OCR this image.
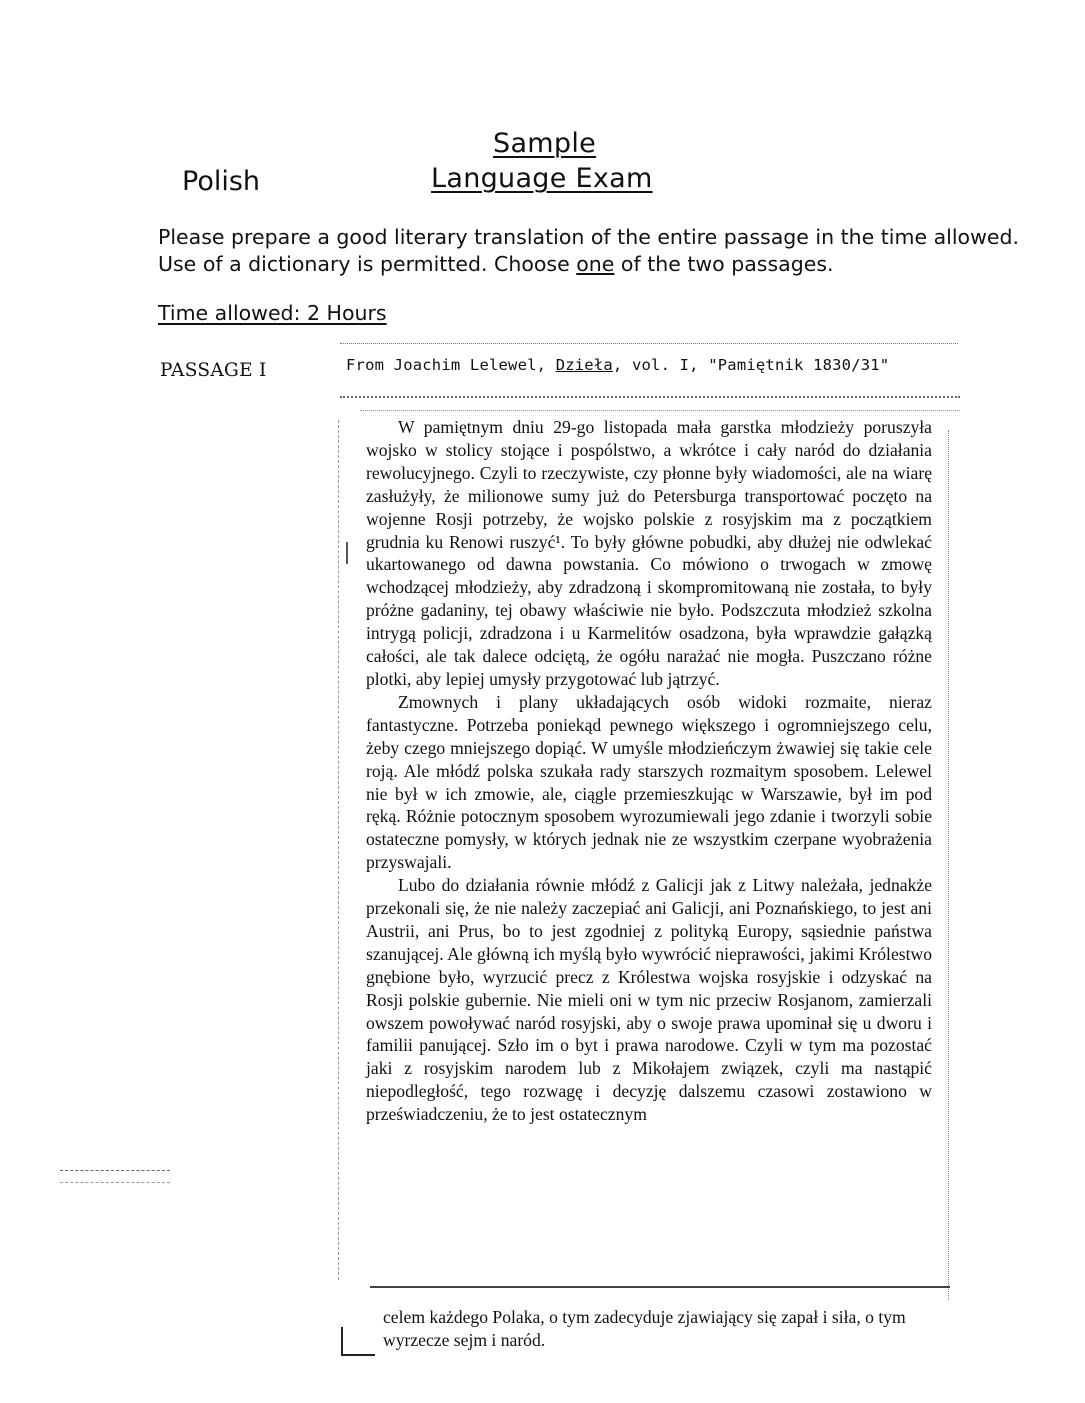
Sample
Language Exam
Polish
Please prepare a good literary translation of the entire passage in the time allowed.
Use of a dictionary is permitted. Choose one of the two passages.
Time allowed: 2 Hours
PASSAGE I	From Joachim Lelewel, Dzieła, vol. I, "Pamiętnik 1830/31"

W pamiętnym dniu 29-go listopada mała garstka młodzieży poruszyła wojsko w stolicy stojące i pospólstwo, a wkrótce i cały naród do działania rewolucyjnego. Czyli to rzeczywiste, czy płonne były wiadomości, ale na wiarę zasłużyły, że milionowe sumy już do Petersburga transportować poczęto na wojenne Rosji potrzeby, że wojsko polskie z rosyjskim ma z początkiem grudnia ku Renowi ruszyć¹. To były główne pobudki, aby dłużej nie odwlekać ukartowanego od dawna powstania. Co mówiono o trwogach w zmowę wchodzącej młodzieży, aby zdradzoną i skompromitowaną nie została, to były próżne gadaniny, tej obawy właściwie nie było. Podszczuta młodzież szkolna intrygą policji, zdradzona i u Karmelitów osadzona, była wprawdzie gałązką całości, ale tak dalece odciętą, że ogółu narażać nie mogła. Puszczano różne plotki, aby lepiej umysły przygotować lub jątrzyć.

Zmownych i plany układających osób widoki rozmaite, nieraz fantastyczne. Potrzeba poniekąd pewnego większego i ogromniejszego celu, żeby czego mniejszego dopiąć. W umyśle młodzieńczym żwawiej się takie cele roją. Ale młódź polska szukała rady starszych rozmaitym sposobem. Lelewel nie był w ich zmowie, ale, ciągle przemieszkując w Warszawie, był im pod ręką. Różnie potocznym sposobem wyrozumiewali jego zdanie i tworzyli sobie ostateczne pomysły, w których jednak nie ze wszystkim czerpane wyobrażenia przyswajali.

Lubo do działania równie młódź z Galicji jak z Litwy należała, jednakże przekonali się, że nie należy zaczepiać ani Galicji, ani Poznańskiego, to jest ani Austrii, ani Prus, bo to jest zgodniej z polityką Europy, sąsiednie państwa szanującej. Ale główną ich myślą było wywrócić nieprawości, jakimi Królestwo gnębione było, wyrzucić precz z Królestwa wojska rosyjskie i odzyskać na Rosji polskie gubernie. Nie mieli oni w tym nic przeciw Rosjanom, zamierzali owszem powoływać naród rosyjski, aby o swoje prawa upominał się u dworu i familii panującej. Szło im o byt i prawa narodowe. Czyli w tym ma pozostać jaki z rosyjskim narodem lub z Mikołajem związek, czyli ma nastąpić niepodległość, tego rozwagę i decyzję dalszemu czasowi zostawiono w przeświadczeniu, że to jest ostatecznym

celem każdego Polaka, o tym zadecyduje zjawiający się zapał i siła, o tym wyrzecze sejm i naród.
